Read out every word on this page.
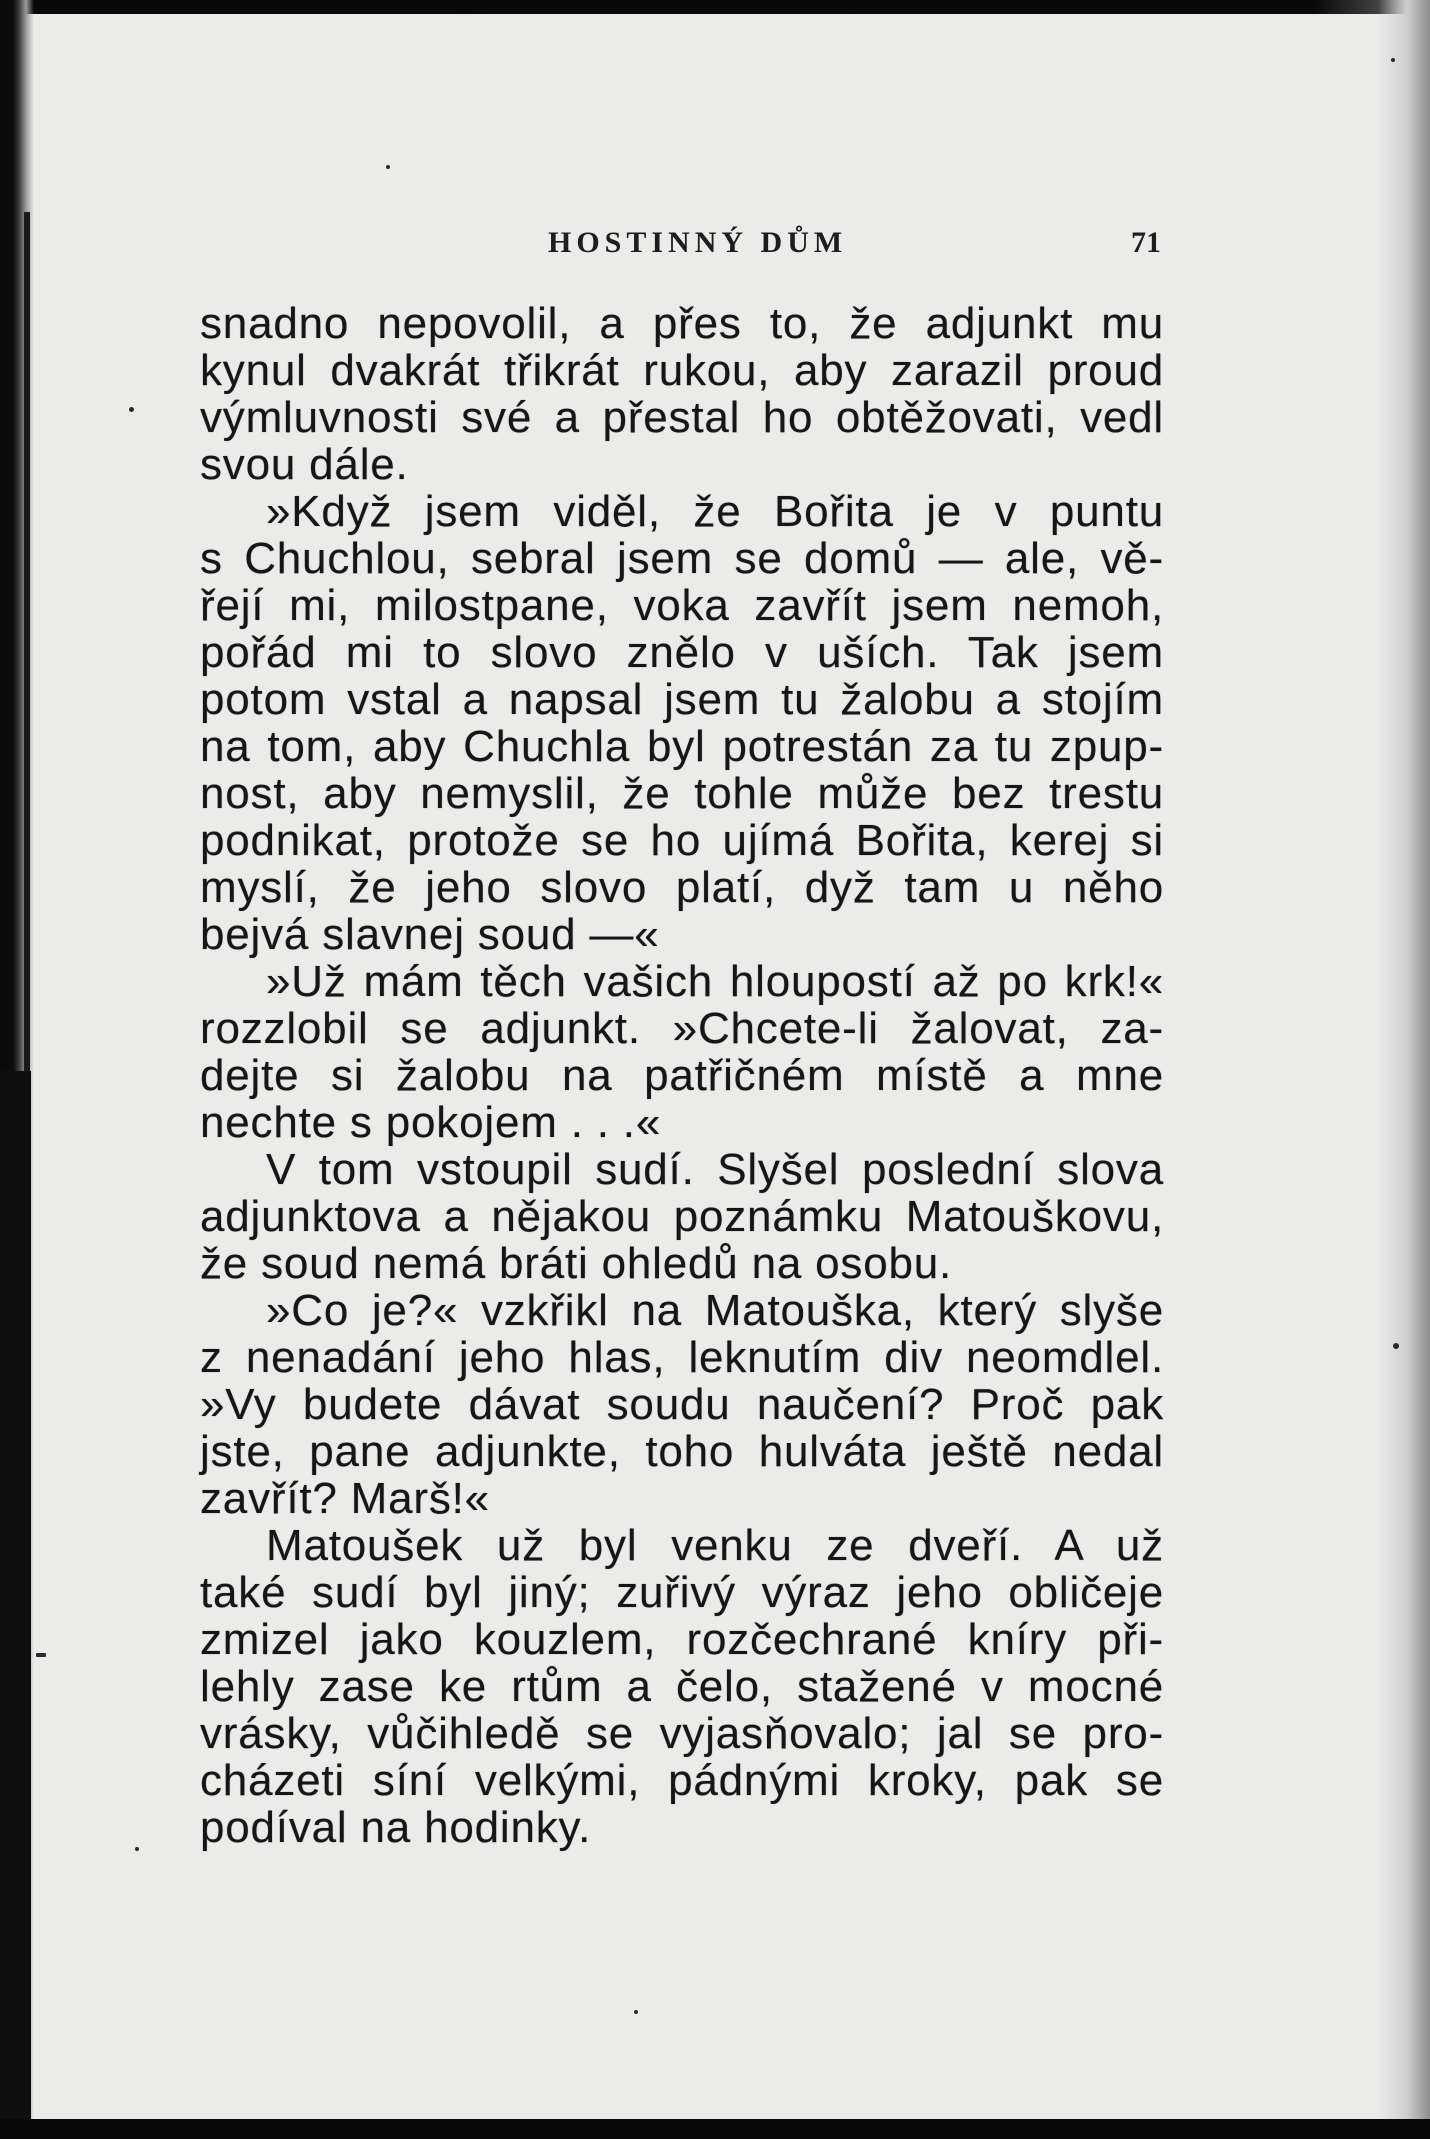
HOSTINNÝ DŮM	71
snadno nepovolil, a přes to, že adjunkt mu
kynul dvakrát třikrát rukou, aby zarazil proud
výmluvnosti své a přestal ho obtěžovati, vedl
svou dále.
»Když jsem viděl, že Bořita je v puntu
s Chuchlou, sebral jsem se domů — ale, vě-
řejí mi, milostpane, voka zavřít jsem nemoh,
pořád mi to slovo znělo v uších. Tak jsem
potom vstal a napsal jsem tu žalobu a stojím
na tom, aby Chuchla byl potrestán za tu zpup-
nost, aby nemyslil, že tohle může bez trestu
podnikat, protože se ho ujímá Bořita, kerej si
myslí, že jeho slovo platí, dyž tam u něho
bejvá slavnej soud —«
»Už mám těch vašich hloupostí až po krk!«
rozzlobil se adjunkt. »Chcete-li žalovat, za-
dejte si žalobu na patřičném místě a mne
nechte s pokojem . . .«
V tom vstoupil sudí. Slyšel poslední slova
adjunktova a nějakou poznámku Matouškovu,
že soud nemá bráti ohledů na osobu.
»Co je?« vzkřikl na Matouška, který slyše
z nenadání jeho hlas, leknutím div neomdlel.
»Vy budete dávat soudu naučení? Proč pak
jste, pane adjunkte, toho hulváta ještě nedal
zavřít? Marš!«
Matoušek už byl venku ze dveří. A už
také sudí byl jiný; zuřivý výraz jeho obličeje
zmizel jako kouzlem, rozčechrané kníry při-
lehly zase ke rtům a čelo, stažené v mocné
vrásky, vůčihledě se vyjasňovalo; jal se pro-
cházeti síní velkými, pádnými kroky, pak se
podíval na hodinky.
